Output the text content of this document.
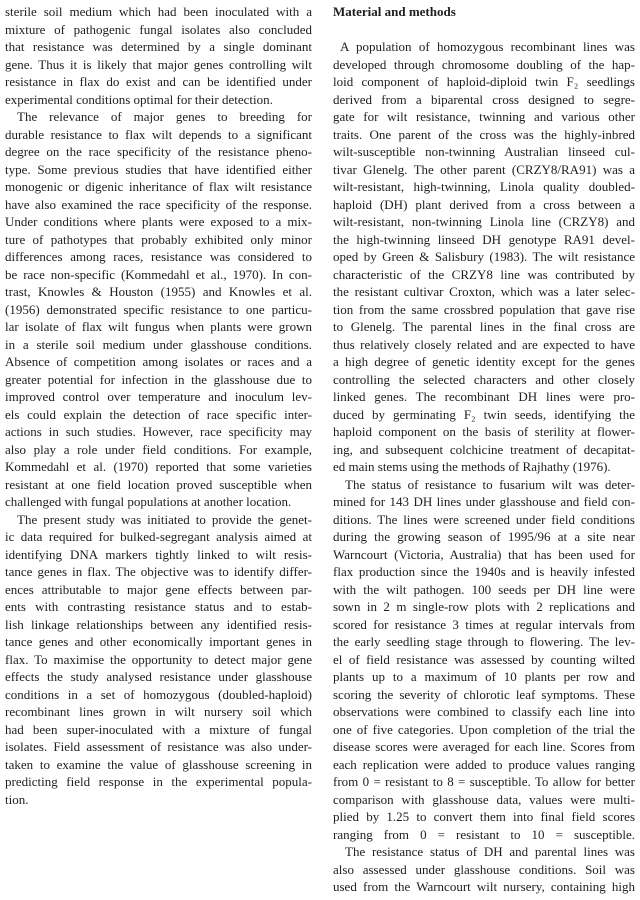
sterile soil medium which had been inoculated with a
mixture of pathogenic fungal isolates also concluded
that resistance was determined by a single dominant
gene. Thus it is likely that major genes controlling wilt
resistance in flax do exist and can be identified under
experimental conditions optimal for their detection.
The relevance of major genes to breeding for
durable resistance to flax wilt depends to a significant
degree on the race specificity of the resistance pheno-
type. Some previous studies that have identified either
monogenic or digenic inheritance of flax wilt resistance
have also examined the race specificity of the response.
Under conditions where plants were exposed to a mix-
ture of pathotypes that probably exhibited only minor
differences among races, resistance was considered to
be race non-specific (Kommedahl et al., 1970). In con-
trast, Knowles & Houston (1955) and Knowles et al.
(1956) demonstrated specific resistance to one particu-
lar isolate of flax wilt fungus when plants were grown
in a sterile soil medium under glasshouse conditions.
Absence of competition among isolates or races and a
greater potential for infection in the glasshouse due to
improved control over temperature and inoculum lev-
els could explain the detection of race specific inter-
actions in such studies. However, race specificity may
also play a role under field conditions. For example,
Kommedahl et al. (1970) reported that some varieties
resistant at one field location proved susceptible when
challenged with fungal populations at another location.
The present study was initiated to provide the genet-
ic data required for bulked-segregant analysis aimed at
identifying DNA markers tightly linked to wilt resis-
tance genes in flax. The objective was to identify differ-
ences attributable to major gene effects between par-
ents with contrasting resistance status and to estab-
lish linkage relationships between any identified resis-
tance genes and other economically important genes in
flax. To maximise the opportunity to detect major gene
effects the study analysed resistance under glasshouse
conditions in a set of homozygous (doubled-haploid)
recombinant lines grown in wilt nursery soil which
had been super-inoculated with a mixture of fungal
isolates. Field assessment of resistance was also under-
taken to examine the value of glasshouse screening in
predicting field response in the experimental popula-
tion.
Material and methods
A population of homozygous recombinant lines was
developed through chromosome doubling of the hap-
loid component of haploid-diploid twin F₂ seedlings
derived from a biparental cross designed to segre-
gate for wilt resistance, twinning and various other
traits. One parent of the cross was the highly-inbred
wilt-susceptible non-twinning Australian linseed cul-
tivar Glenelg. The other parent (CRZY8/RA91) was a
wilt-resistant, high-twinning, Linola quality doubled-
haploid (DH) plant derived from a cross between a
wilt-resistant, non-twinning Linola line (CRZY8) and
the high-twinning linseed DH genotype RA91 devel-
oped by Green & Salisbury (1983). The wilt resistance
characteristic of the CRZY8 line was contributed by
the resistant cultivar Croxton, which was a later selec-
tion from the same crossbred population that gave rise
to Glenelg. The parental lines in the final cross are
thus relatively closely related and are expected to have
a high degree of genetic identity except for the genes
controlling the selected characters and other closely
linked genes. The recombinant DH lines were pro-
duced by germinating F₂ twin seeds, identifying the
haploid component on the basis of sterility at flower-
ing, and subsequent colchicine treatment of decapitat-
ed main stems using the methods of Rajhathy (1976).
The status of resistance to fusarium wilt was deter-
mined for 143 DH lines under glasshouse and field con-
ditions. The lines were screened under field conditions
during the growing season of 1995/96 at a site near
Warncourt (Victoria, Australia) that has been used for
flax production since the 1940s and is heavily infested
with the wilt pathogen. 100 seeds per DH line were
sown in 2 m single-row plots with 2 replications and
scored for resistance 3 times at regular intervals from
the early seedling stage through to flowering. The lev-
el of field resistance was assessed by counting wilted
plants up to a maximum of 10 plants per row and
scoring the severity of chlorotic leaf symptoms. These
observations were combined to classify each line into
one of five categories. Upon completion of the trial the
disease scores were averaged for each line. Scores from
each replication were added to produce values ranging
from 0 = resistant to 8 = susceptible. To allow for better
comparison with glasshouse data, values were multi-
plied by 1.25 to convert them into final field scores
ranging from 0 = resistant to 10 = susceptible.
The resistance status of DH and parental lines was
also assessed under glasshouse conditions. Soil was
used from the Warncourt wilt nursery, containing high
